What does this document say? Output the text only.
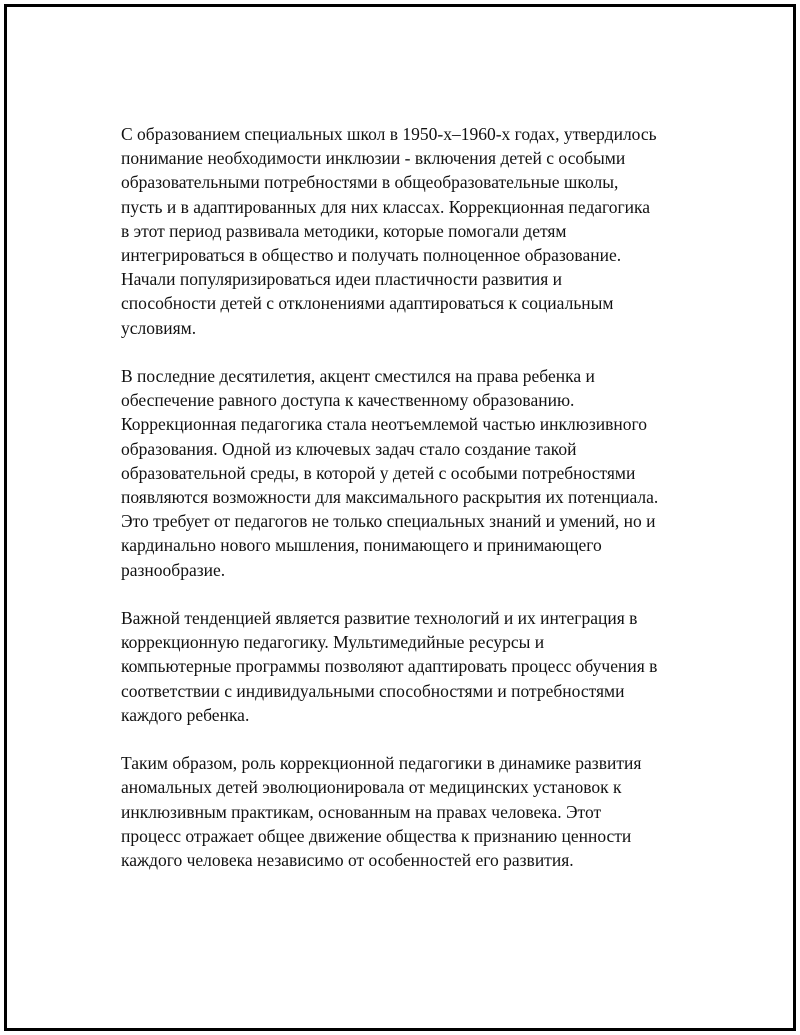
С образованием специальных школ в 1950-х–1960-х годах, утвердилось
понимание необходимости инклюзии - включения детей с особыми
образовательными потребностями в общеобразовательные школы,
пусть и в адаптированных для них классах. Коррекционная педагогика
в этот период развивала методики, которые помогали детям
интегрироваться в общество и получать полноценное образование.
Начали популяризироваться идеи пластичности развития и
способности детей с отклонениями адаптироваться к социальным
условиям.

В последние десятилетия, акцент сместился на права ребенка и
обеспечение равного доступа к качественному образованию.
Коррекционная педагогика стала неотъемлемой частью инклюзивного
образования. Одной из ключевых задач стало создание такой
образовательной среды, в которой у детей с особыми потребностями
появляются возможности для максимального раскрытия их потенциала.
Это требует от педагогов не только специальных знаний и умений, но и
кардинально нового мышления, понимающего и принимающего
разнообразие.

Важной тенденцией является развитие технологий и их интеграция в
коррекционную педагогику. Мультимедийные ресурсы и
компьютерные программы позволяют адаптировать процесс обучения в
соответствии с индивидуальными способностями и потребностями
каждого ребенка.

Таким образом, роль коррекционной педагогики в динамике развития
аномальных детей эволюционировала от медицинских установок к
инклюзивным практикам, основанным на правах человека. Этот
процесс отражает общее движение общества к признанию ценности
каждого человека независимо от особенностей его развития.
